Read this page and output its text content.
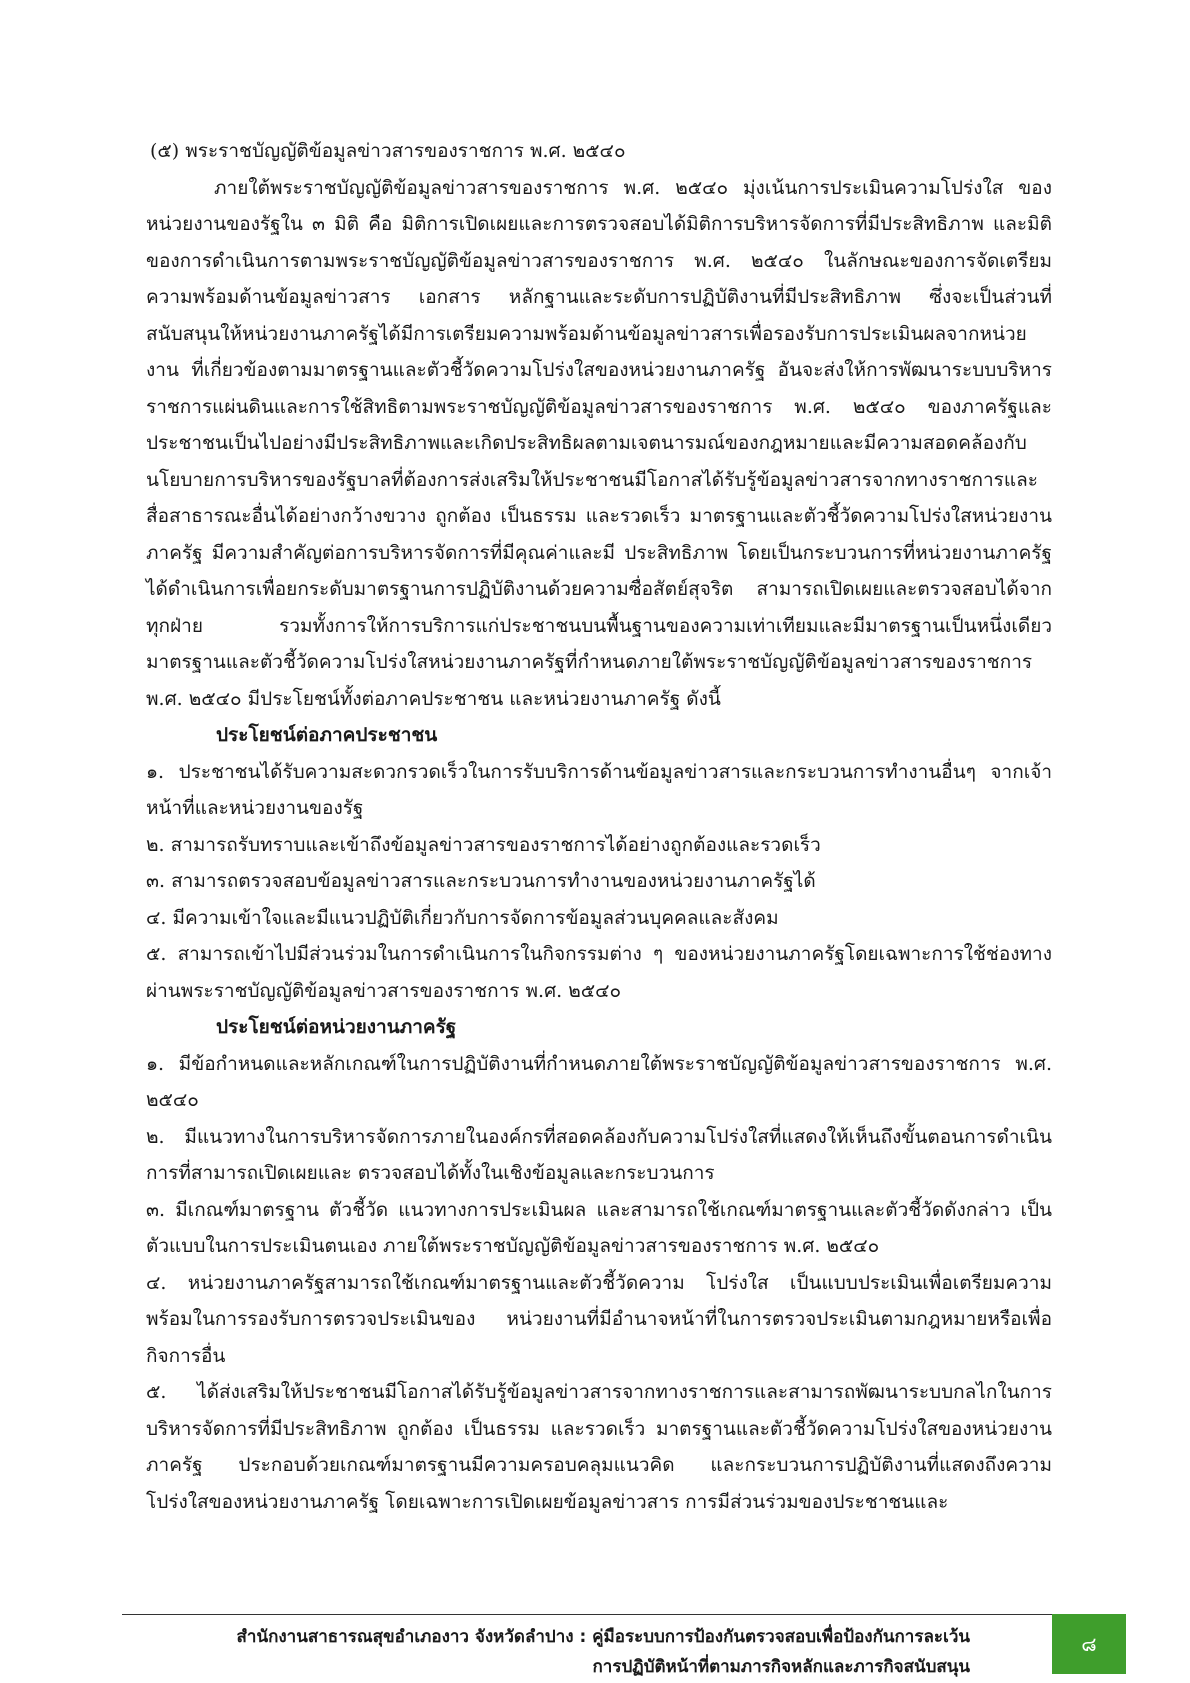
(๕) พระราชบัญญัติข้อมูลข่าวสารของราชการ พ.ศ. ๒๕๔๐

ภายใต้พระราชบัญญัติข้อมูลข่าวสารของราชการ พ.ศ. ๒๕๔๐ มุ่งเน้นการประเมินความโปร่งใส ของหน่วยงานของรัฐใน ๓ มิติ คือ มิติการเปิดเผยและการตรวจสอบได้มิติการบริหารจัดการที่มีประสิทธิภาพ และมิติของการดำเนินการตามพระราชบัญญัติข้อมูลข่าวสารของราชการ พ.ศ. ๒๕๔๐ ในลักษณะของการจัดเตรียมความพร้อมด้านข้อมูลข่าวสาร เอกสาร หลักฐานและระดับการปฏิบัติงานที่มีประสิทธิภาพ ซึ่งจะเป็นส่วนที่สนับสนุนให้หน่วยงานภาครัฐได้มีการเตรียมความพร้อมด้านข้อมูลข่าวสารเพื่อรองรับการประเมินผลจากหน่วยงาน ที่เกี่ยวข้องตามมาตรฐานและตัวชี้วัดความโปร่งใสของหน่วยงานภาครัฐ อันจะส่งให้การพัฒนาระบบบริหาร ราชการแผ่นดินและการใช้สิทธิตามพระราชบัญญัติข้อมูลข่าวสารของราชการ พ.ศ. ๒๕๔๐ ของภาครัฐและประชาชนเป็นไปอย่างมีประสิทธิภาพและเกิดประสิทธิผลตามเจตนารมณ์ของกฎหมายและมีความสอดคล้องกับนโยบายการบริหารของรัฐบาลที่ต้องการส่งเสริมให้ประชาชนมีโอกาสได้รับรู้ข้อมูลข่าวสารจากทางราชการและสื่อสาธารณะอื่นได้อย่างกว้างขวาง ถูกต้อง เป็นธรรม และรวดเร็ว มาตรฐานและตัวชี้วัดความโปร่งใสหน่วยงานภาครัฐ มีความสำคัญต่อการบริหารจัดการที่มีคุณค่าและมี ประสิทธิภาพ โดยเป็นกระบวนการที่หน่วยงานภาครัฐได้ดำเนินการเพื่อยกระดับมาตรฐานการปฏิบัติงานด้วยความซื่อสัตย์สุจริต สามารถเปิดเผยและตรวจสอบได้จากทุกฝ่าย รวมทั้งการให้การบริการแก่ประชาชนบนพื้นฐานของความเท่าเทียมและมีมาตรฐานเป็นหนึ่งเดียว มาตรฐานและตัวชี้วัดความโปร่งใสหน่วยงานภาครัฐที่กำหนดภายใต้พระราชบัญญัติข้อมูลข่าวสารของราชการ พ.ศ. ๒๕๔๐ มีประโยชน์ทั้งต่อภาคประชาชน และหน่วยงานภาครัฐ ดังนี้

ประโยชน์ต่อภาคประชาชน

๑. ประชาชนได้รับความสะดวกรวดเร็วในการรับบริการด้านข้อมูลข่าวสารและกระบวนการทำงานอื่นๆ จากเจ้าหน้าที่และหน่วยงานของรัฐ

๒. สามารถรับทราบและเข้าถึงข้อมูลข่าวสารของราชการได้อย่างถูกต้องและรวดเร็ว

๓. สามารถตรวจสอบข้อมูลข่าวสารและกระบวนการทำงานของหน่วยงานภาครัฐได้

๔. มีความเข้าใจและมีแนวปฏิบัติเกี่ยวกับการจัดการข้อมูลส่วนบุคคลและสังคม

๕. สามารถเข้าไปมีส่วนร่วมในการดำเนินการในกิจกรรมต่าง ๆ ของหน่วยงานภาครัฐโดยเฉพาะการใช้ช่องทางผ่านพระราชบัญญัติข้อมูลข่าวสารของราชการ พ.ศ. ๒๕๔๐

ประโยชน์ต่อหน่วยงานภาครัฐ

๑. มีข้อกำหนดและหลักเกณฑ์ในการปฏิบัติงานที่กำหนดภายใต้พระราชบัญญัติข้อมูลข่าวสารของราชการ พ.ศ. ๒๕๔๐

๒. มีแนวทางในการบริหารจัดการภายในองค์กรที่สอดคล้องกับความโปร่งใสที่แสดงให้เห็นถึงขั้นตอนการดำเนินการที่สามารถเปิดเผยและ ตรวจสอบได้ทั้งในเชิงข้อมูลและกระบวนการ

๓. มีเกณฑ์มาตรฐาน ตัวชี้วัด แนวทางการประเมินผล และสามารถใช้เกณฑ์มาตรฐานและตัวชี้วัดดังกล่าว เป็นตัวแบบในการประเมินตนเอง ภายใต้พระราชบัญญัติข้อมูลข่าวสารของราชการ พ.ศ. ๒๕๔๐

๔. หน่วยงานภาครัฐสามารถใช้เกณฑ์มาตรฐานและตัวชี้วัดความ โปร่งใส เป็นแบบประเมินเพื่อเตรียมความพร้อมในการรองรับการตรวจประเมินของ หน่วยงานที่มีอำนาจหน้าที่ในการตรวจประเมินตามกฎหมายหรือเพื่อกิจการอื่น

๕. ได้ส่งเสริมให้ประชาชนมีโอกาสได้รับรู้ข้อมูลข่าวสารจากทางราชการและสามารถพัฒนาระบบกลไกในการบริหารจัดการที่มีประสิทธิภาพ ถูกต้อง เป็นธรรม และรวดเร็ว มาตรฐานและตัวชี้วัดความโปร่งใสของหน่วยงานภาครัฐ ประกอบด้วยเกณฑ์มาตรฐานมีความครอบคลุมแนวคิด และกระบวนการปฏิบัติงานที่แสดงถึงความโปร่งใสของหน่วยงานภาครัฐ โดยเฉพาะการเปิดเผยข้อมูลข่าวสาร การมีส่วนร่วมของประชาชนและ

สำนักงานสาธารณสุขอำเภองาว จังหวัดลำปาง : คู่มือระบบการป้องกันตรวจสอบเพื่อป้องกันการละเว้น
การปฏิบัติหน้าที่ตามภารกิจหลักและภารกิจสนับสนุน
๘
